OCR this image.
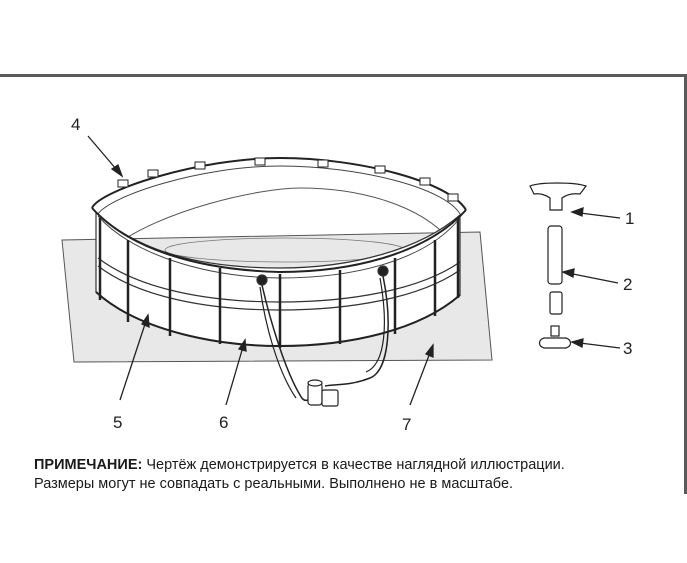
4
1
2
3
5	6	7
ПРИМЕЧАНИЕ: Чертёж демонстрируется в качестве наглядной иллюстрации.
Размеры могут не совпадать с реальными. Выполнено не в масштабе.
